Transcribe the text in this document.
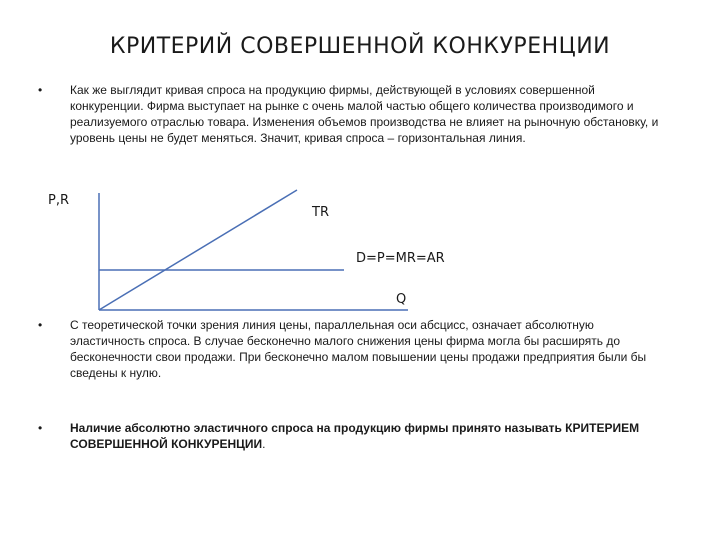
КРИТЕРИЙ СОВЕРШЕННОЙ КОНКУРЕНЦИИ
• Как же выглядит кривая спроса на продукцию фирмы, действующей в условиях совершенной конкуренции. Фирма выступает на рынке с очень малой частью общего количества производимого и реализуемого отраслью товара. Изменения объемов производства не влияет на рыночную обстановку, и уровень цены не будет меняться. Значит, кривая спроса – горизонтальная линия.
P,R
TR
D=P=MR=AR
Q
• С теоретической точки зрения линия цены, параллельная оси абсцисс, означает абсолютную эластичность спроса. В случае бесконечно малого снижения цены фирма могла бы расширять до бесконечности свои продажи. При бесконечно малом повышении цены продажи предприятия были бы сведены к нулю.
• Наличие абсолютно эластичного спроса на продукцию фирмы принято называть КРИТЕРИЕМ СОВЕРШЕННОЙ КОНКУРЕНЦИИ.
